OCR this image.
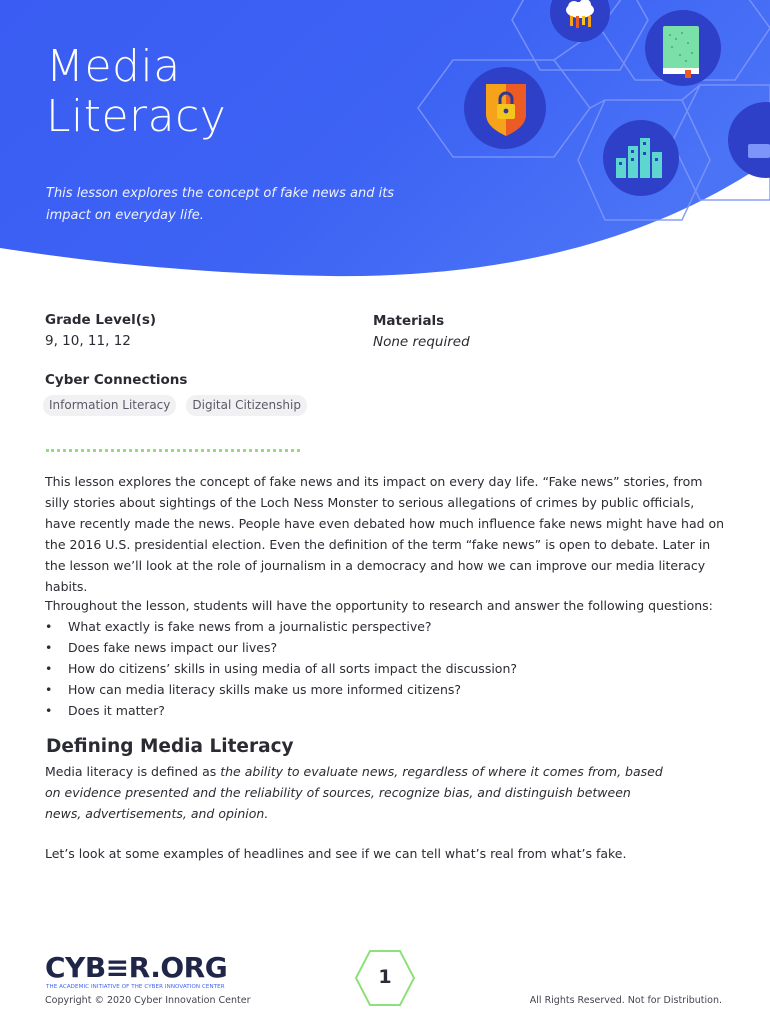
Media
Literacy
This lesson explores the concept of fake news and its impact on everyday life.
Grade Level(s)
9, 10, 11, 12
Materials
None required
Cyber Connections
Information Literacy	Digital Citizenship
This lesson explores the concept of fake news and its impact on every day life. “Fake news” stories, from silly stories about sightings of the Loch Ness Monster to serious allegations of crimes by public officials, have recently made the news. People have even debated how much influence fake news might have had on the 2016 U.S. presidential election. Even the definition of the term “fake news” is open to debate. Later in the lesson we’ll look at the role of journalism in a democracy and how we can improve our media literacy habits.
Throughout the lesson, students will have the opportunity to research and answer the following questions:
• What exactly is fake news from a journalistic perspective?
• Does fake news impact our lives?
• How do citizens’ skills in using media of all sorts impact the discussion?
• How can media literacy skills make us more informed citizens?
• Does it matter?
Defining Media Literacy
Media literacy is defined as the ability to evaluate news, regardless of where it comes from, based on evidence presented and the reliability of sources, recognize bias, and distinguish between news, advertisements, and opinion.
Let’s look at some examples of headlines and see if we can tell what’s real from what’s fake.
CYB≡R.ORG
THE ACADEMIC INITIATIVE OF THE CYBER INNOVATION CENTER
Copyright © 2020 Cyber Innovation Center
1
All Rights Reserved. Not for Distribution.
